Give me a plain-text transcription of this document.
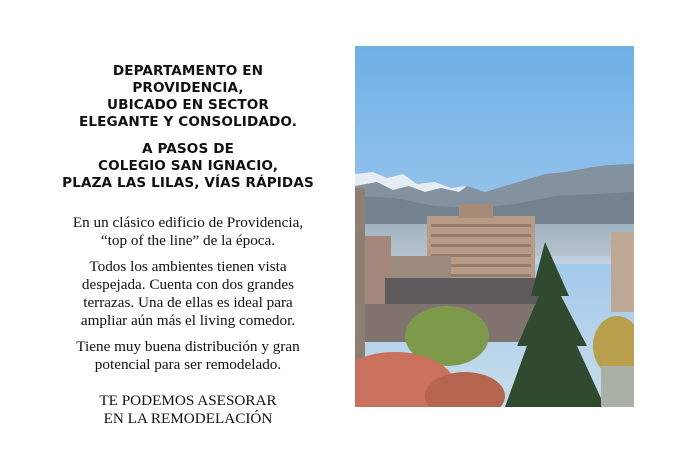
DEPARTAMENTO EN
PROVIDENCIA,
UBICADO EN SECTOR
ELEGANTE Y CONSOLIDADO.

A PASOS DE
COLEGIO SAN IGNACIO,
PLAZA LAS LILAS, VÍAS RÁPIDAS

En un clásico edificio de Providencia,
“top of the line” de la época.

Todos los ambientes tienen vista
despejada. Cuenta con dos grandes
terrazas. Una de ellas es ideal para
ampliar aún más el living comedor.

Tiene muy buena distribución y gran
potencial para ser remodelado.

TE PODEMOS ASESORAR
EN LA REMODELACIÓN
